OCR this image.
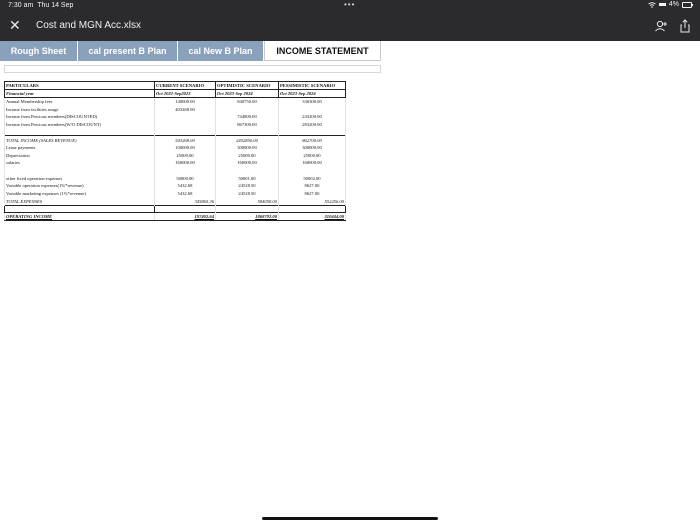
7:30 am Thu 14 Sep	•••	4%
✕ Cost and MGN Acc.xlsx
Rough Sheet	cal present B Plan	cal New B Plan	INCOME STATEMENT
PARTICULARS	CURRENT SCENARIO	OPTIMISTIC SCENARIO	PESSIMISTIC SCENARIO
Financial year	Oct 2022-Sep2023	Oct 2023-Sep 2024	Oct 2023-Sep 2024
Annual Membership fees	140000.00	840750.00	336300.00
Income from facilities usage	403268.00		
Income from Precious members(DISCOUNTED)		744800.00	243200.00
Income from Precious members(W/O DISCOUNT)		867300.00	283200.00

TOTAL INCOME (SALES REVENUE)	543268.00	2452850.00	862700.00
Lease payments	100000.00	300000.00	300000.00
Depreciation	25000.00	25000.00	25000.00
salaries	160000.00	160000.00	160000.00

other fixed operation expenses	50000.00	50001.00	50002.00
Variable operation expenses(1%*revenue)	5432.68	24528.50	8627.00
Variable marketing expenses (1%*revenue)	5432.68	24528.50	8627.00
TOTAL EXPENSES	345865.36	584058.00	552256.00

OPERATING INCOME	197402.64	1868792.00	310444.00
